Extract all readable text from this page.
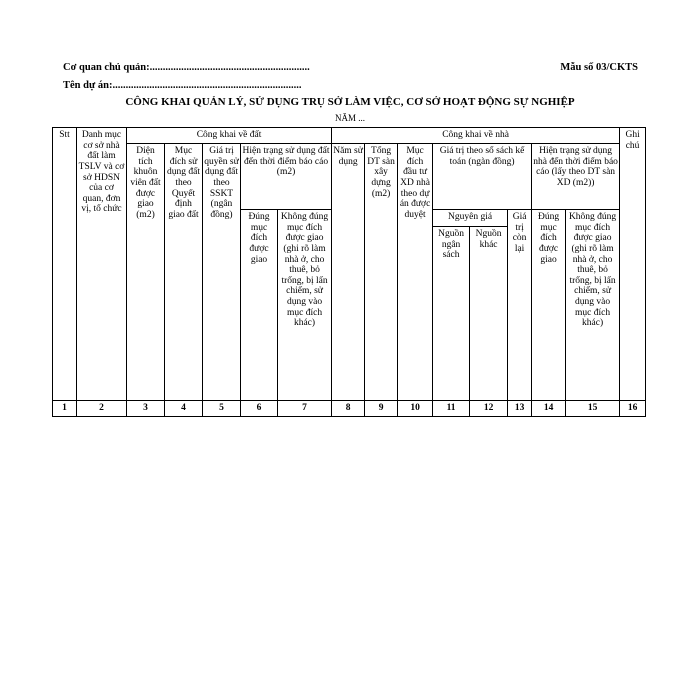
Cơ quan chủ quản:.............................................................	Mẫu số 03/CKTS
Tên dự án:........................................................................
CÔNG KHAI QUẢN LÝ, SỬ DỤNG TRỤ SỞ LÀM VIỆC, CƠ SỞ HOẠT ĐỘNG SỰ NGHIỆP
NĂM ...
Stt	Danh mục cơ sở nhà đất làm TSLV và cơ sở HDSN của cơ quan, đơn vị, tổ chức	Công khai về đất					Công khai về nhà								Ghi chú
		Diện tích khuôn viên đất được giao (m2)	Mục đích sử dụng đất theo Quyết định giao đất	Giá trị quyền sử dụng đất theo SSKT (ngân đồng)	Hiện trạng sử dụng đất đến thời điểm báo cáo (m2)		Năm sử dụng	Tổng DT sàn xây dựng (m2)	Mục đích đầu tư XD nhà theo dự án được duyệt	Giá trị theo sổ sách kế toán (ngàn đồng)			Hiện trạng sử dụng nhà đến thời điểm báo cáo (lấy theo DT sàn XD (m2))		
					Đúng mục đích được giao	Không đúng mục đích được giao (ghi rõ làm nhà ở, cho thuê, bỏ trống, bị lấn chiếm, sử dụng vào mục đích khác)				Nguyên giá		Giá trị còn lại	Đúng mục đích được giao	Không đúng mục đích được giao (ghi rõ làm nhà ở, cho thuê, bỏ trống, bị lấn chiếm, sử dụng vào mục đích khác)	
										Nguồn ngân sách	Nguồn khác				
1	2	3	4	5	6	7	8	9	10	11	12	13	14	15	16
